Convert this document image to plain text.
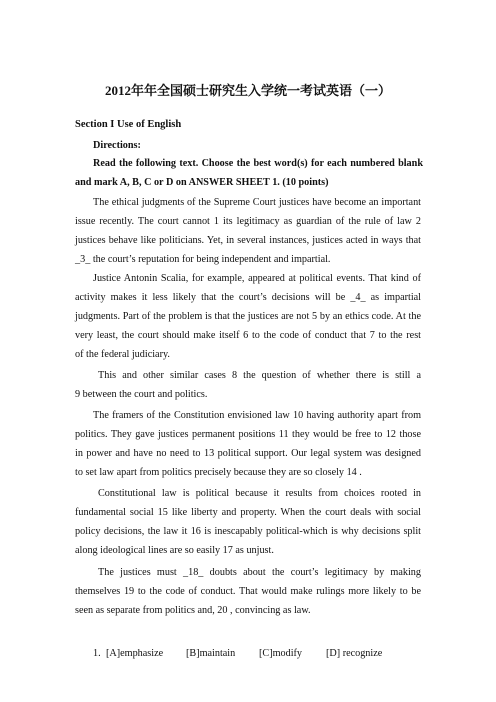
2012年年全国硕士研究生入学统一考试英语（一）
Section I Use of English
Directions:
Read the following text. Choose the best word(s) for each numbered blank
and mark A, B, C or D on ANSWER SHEET 1. (10 points)
The ethical judgments of the Supreme Court justices have become an important
issue recently. The court cannot 1 its legitimacy as guardian of the rule of law 2
justices behave like politicians. Yet, in several instances, justices acted in ways that
_3_ the court’s reputation for being independent and impartial.
Justice Antonin Scalia, for example, appeared at political events. That kind of
activity makes it less likely that the court’s decisions will be _4_ as impartial
judgments. Part of the problem is that the justices are not 5 by an ethics code. At the
very least, the court should make itself 6 to the code of conduct that 7 to the rest
of the federal judiciary.
This and other similar cases 8 the question of whether there is still a
9 between the court and politics.
The framers of the Constitution envisioned law 10 having authority apart from
politics. They gave justices permanent positions 11 they would be free to 12 those
in power and have no need to 13 political support. Our legal system was designed
to set law apart from politics precisely because they are so closely 14 .
Constitutional law is political because it results from choices rooted in
fundamental social 15 like liberty and property. When the court deals with social
policy decisions, the law it 16 is inescapably political-which is why decisions split
along ideological lines are so easily 17 as unjust.
The justices must _18_ doubts about the court’s legitimacy by making
themselves 19 to the code of conduct. That would make rulings more likely to be
seen as separate from politics and, 20 , convincing as law.
1. [A]emphasize [B]maintain [C]modify [D] recognize
